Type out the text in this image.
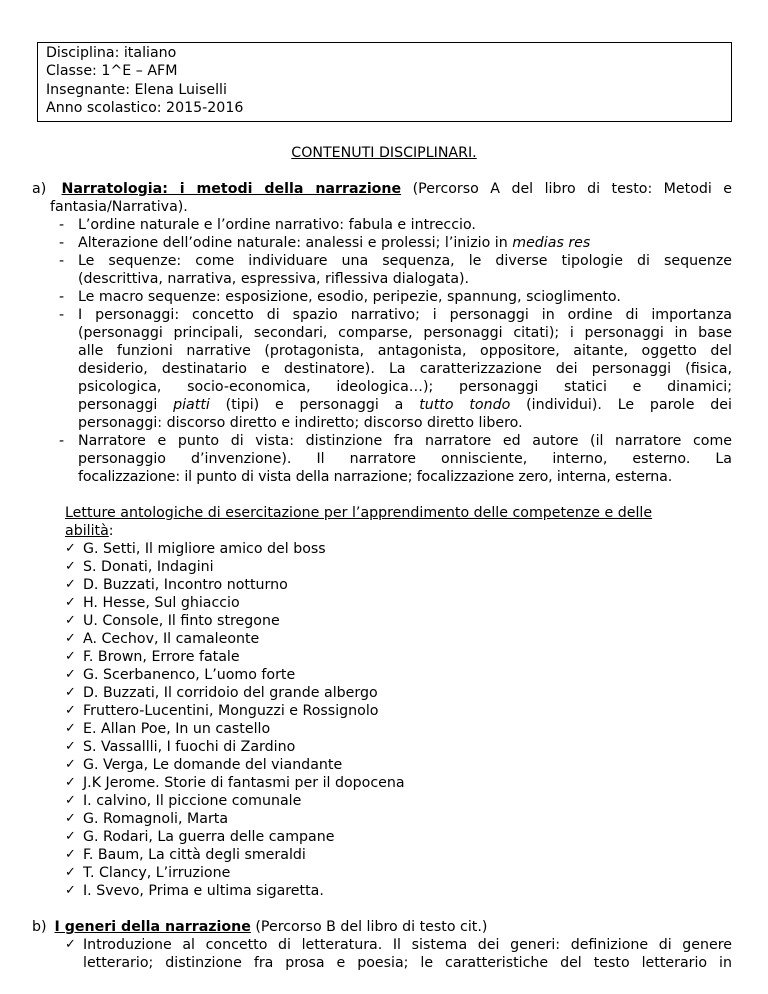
Disciplina: italiano
Classe: 1^E – AFM
Insegnante: Elena Luiselli
Anno scolastico: 2015-2016
CONTENUTI DISCIPLINARI.
a) Narratologia: i metodi della narrazione (Percorso A del libro di testo: Metodi e
fantasia/Narrativa).
- L’ordine naturale e l’ordine narrativo: fabula e intreccio.
- Alterazione dell’odine naturale: analessi e prolessi; l’inizio in medias res
- Le sequenze: come individuare una sequenza, le diverse tipologie di sequenze
(descrittiva, narrativa, espressiva, riflessiva dialogata).
- Le macro sequenze: esposizione, esodio, peripezie, spannung, scioglimento.
- I personaggi: concetto di spazio narrativo; i personaggi in ordine di importanza
(personaggi principali, secondari, comparse, personaggi citati); i personaggi in base
alle funzioni narrative (protagonista, antagonista, oppositore, aitante, oggetto del
desiderio, destinatario e destinatore). La caratterizzazione dei personaggi (fisica,
psicologica, socio-economica, ideologica…); personaggi statici e dinamici;
personaggi piatti (tipi) e personaggi a tutto tondo (individui). Le parole dei
personaggi: discorso diretto e indiretto; discorso diretto libero.
- Narratore e punto di vista: distinzione fra narratore ed autore (il narratore come
personaggio d’invenzione). Il narratore onnisciente, interno, esterno. La
focalizzazione: il punto di vista della narrazione; focalizzazione zero, interna, esterna.
Letture antologiche di esercitazione per l’apprendimento delle competenze e delle
abilità:
✓ G. Setti, Il migliore amico del boss
✓ S. Donati, Indagini
✓ D. Buzzati, Incontro notturno
✓ H. Hesse, Sul ghiaccio
✓ U. Console, Il finto stregone
✓ A. Cechov, Il camaleonte
✓ F. Brown, Errore fatale
✓ G. Scerbanenco, L’uomo forte
✓ D. Buzzati, Il corridoio del grande albergo
✓ Fruttero-Lucentini, Monguzzi e Rossignolo
✓ E. Allan Poe, In un castello
✓ S. Vassallli, I fuochi di Zardino
✓ G. Verga, Le domande del viandante
✓ J.K Jerome. Storie di fantasmi per il dopocena
✓ I. calvino, Il piccione comunale
✓ G. Romagnoli, Marta
✓ G. Rodari, La guerra delle campane
✓ F. Baum, La città degli smeraldi
✓ T. Clancy, L’irruzione
✓ I. Svevo, Prima e ultima sigaretta.
b) I generi della narrazione (Percorso B del libro di testo cit.)
✓ Introduzione al concetto di letteratura. Il sistema dei generi: definizione di genere
letterario; distinzione fra prosa e poesia; le caratteristiche del testo letterario in
